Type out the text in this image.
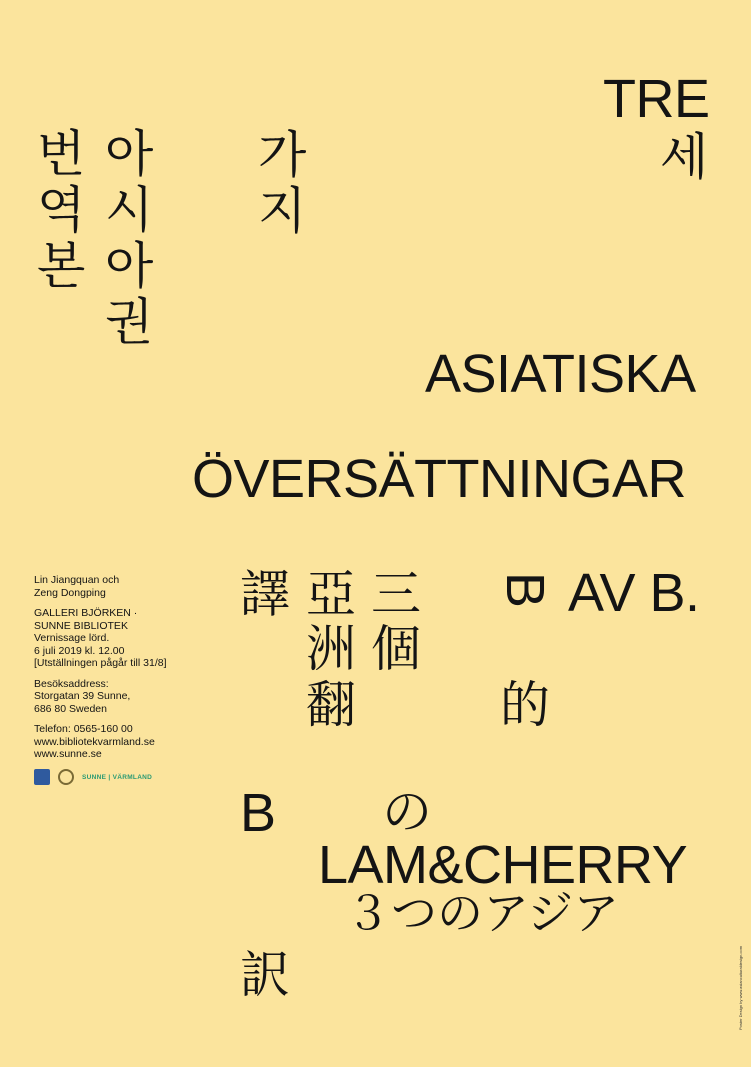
TRE
ASIATISKA
ÖVERSÄTTNINGAR
AV B.
LAM&CHERRY
세
가
지
아
시
아
권
번
역
본
三
個
亞
洲
翻
譯	B
的
B の
３つのアジア
訳
Lin Jiangquan och
Zeng Dongping
GALLERI BJÖRKEN ·
SUNNE BIBLIOTEK
Vernissage lörd.
6 juli 2019 kl. 12.00
[Utställningen pågår till 31/8]
Besöksaddress:
Storgatan 39 Sunne,
686 80 Sweden
Telefon: 0565-160 00
www.bibliotekvarmland.se
www.sunne.se
SUNNE | VÄRMLAND
Poster Design by www.asianculturaldesign.com
